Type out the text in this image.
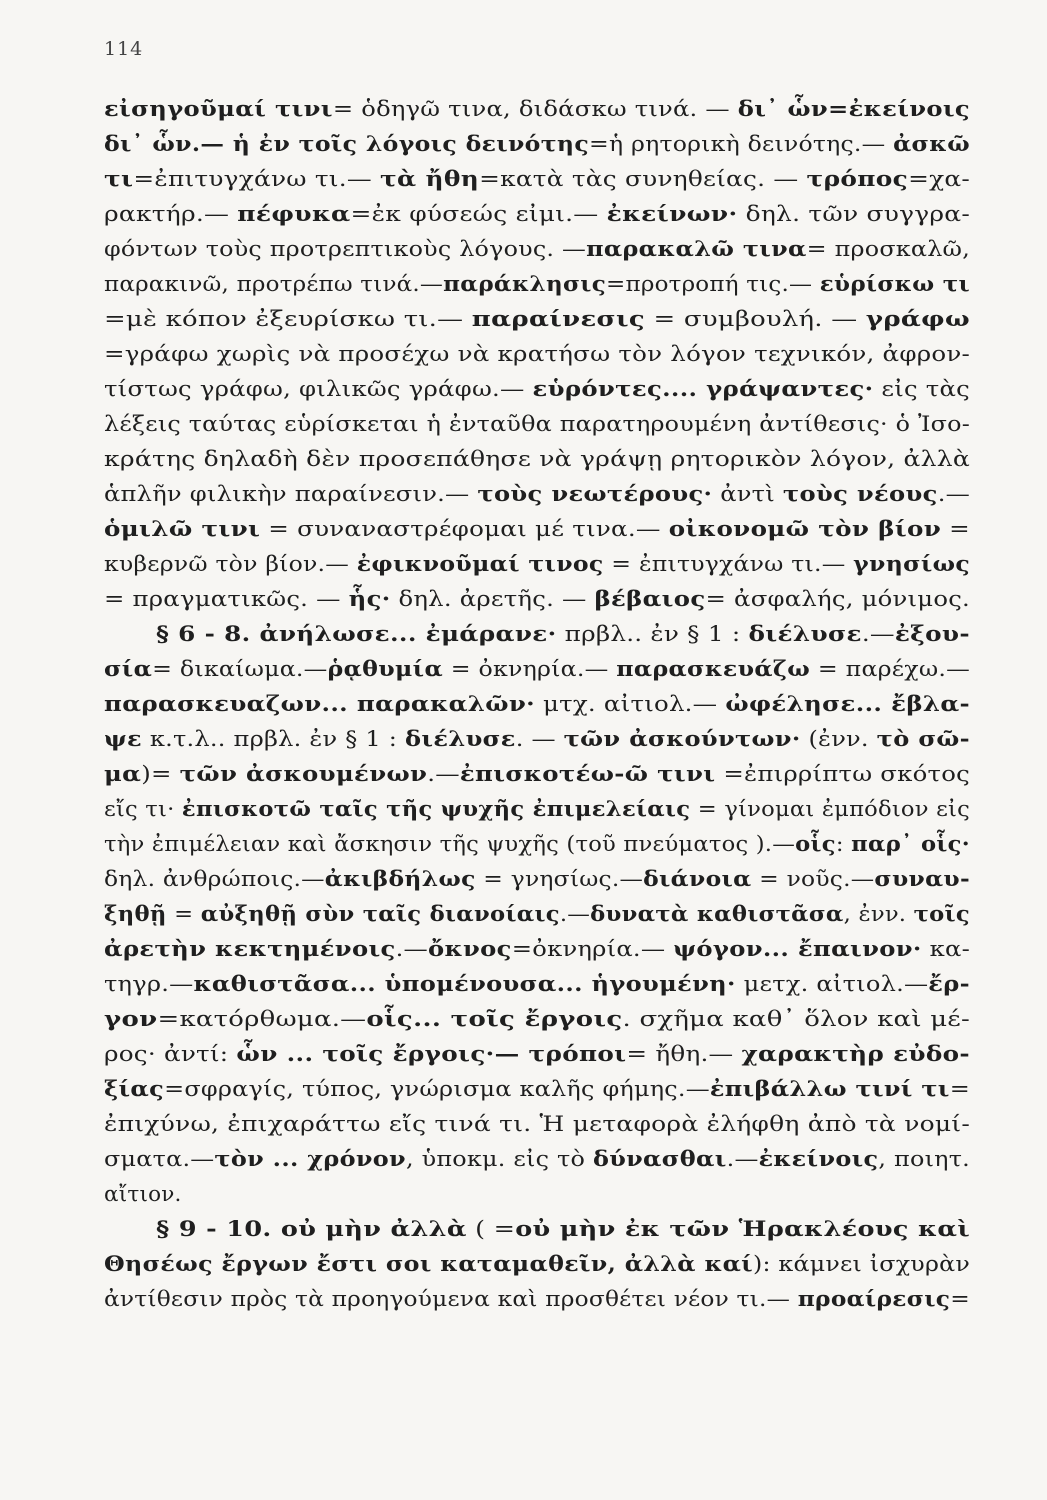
114
εἰσηγοῦμαί τινι= ὁδηγῶ τινα, διδάσκω τινά. — δι᾿ ὧν=ἐκείνοις
δι᾿ ὧν.— ἡ ἐν τοῖς λόγοις δεινότης=ἡ ρητορικὴ δεινότης.— ἀσκῶ
τι=ἐπιτυγχάνω τι.— τὰ ἤθη=κατὰ τὰς συνηθείας. — τρόπος=χα-
ρακτήρ.— πέφυκα=ἐκ φύσεώς εἰμι.— ἐκείνων· δηλ. τῶν συγγρα-
φόντων τοὺς προτρεπτικοὺς λόγους. —παρακαλῶ τινα= προσκαλῶ,
παρακινῶ, προτρέπω τινά.—παράκλησις=προτροπή τις.— εὑρίσκω τι
=μὲ κόπον ἐξευρίσκω τι.— παραίνεσις = συμβουλή. — γράφω
=γράφω χωρὶς νὰ προσέχω νὰ κρατήσω τὸν λόγον τεχνικόν, ἀφρον-
τίστως γράφω, φιλικῶς γράφω.— εὑρόντες.... γράψαντες· εἰς τὰς
λέξεις ταύτας εὑρίσκεται ἡ ἐνταῦθα παρατηρουμένη ἀντίθεσις· ὁ Ἰσο-
κράτης δηλαδὴ δὲν προσεπάθησε νὰ γράψῃ ρητορικὸν λόγον, ἀλλὰ
ἁπλῆν φιλικὴν παραίνεσιν.— τοὺς νεωτέρους· ἀντὶ τοὺς νέους.—
ὁμιλῶ τινι = συναναστρέφομαι μέ τινα.— οἰκονομῶ τὸν βίον =
κυβερνῶ τὸν βίον.— ἐφικνοῦμαί τινος = ἐπιτυγχάνω τι.— γνησίως
= πραγματικῶς. — ἧς· δηλ. ἀρετῆς. — βέβαιος= ἀσφαλής, μόνιμος.
§ 6 - 8. ἀνήλωσε... ἐμάρανε· πρβλ.. ἐν § 1 : διέλυσε.—ἐξου-
σία= δικαίωμα.—ῥᾳθυμία = ὀκνηρία.— παρασκευάζω = παρέχω.—
παρασκευαζων... παρακαλῶν· μτχ. αἰτιολ.— ὠφέλησε... ἔβλα-
ψε κ.τ.λ.. πρβλ. ἐν § 1 : διέλυσε. — τῶν ἀσκούντων· (ἐνν. τὸ σῶ-
μα)= τῶν ἀσκουμένων.—ἐπισκοτέω-ῶ τινι =ἐπιρρίπτω σκότος
εἴς τι· ἐπισκοτῶ ταῖς τῆς ψυχῆς ἐπιμελείαις = γίνομαι ἐμπόδιον εἰς
τὴν ἐπιμέλειαν καὶ ἄσκησιν τῆς ψυχῆς (τοῦ πνεύματος ).—οἷς: παρ᾿ οἷς·
δηλ. ἀνθρώποις.—ἀκιβδήλως = γνησίως.—διάνοια = νοῦς.—συναυ-
ξηθῇ = αὐξηθῇ σὺν ταῖς διανοίαις.—δυνατὰ καθιστᾶσα, ἐνν. τοῖς
ἀρετὴν κεκτημένοις.—ὄκνος=ὀκνηρία.— ψόγον... ἔπαινον· κα-
τηγρ.—καθιστᾶσα... ὑπομένουσα... ἡγουμένη· μετχ. αἰτιολ.—ἔρ-
γον=κατόρθωμα.—οἷς... τοῖς ἔργοις. σχῆμα καθ᾿ ὅλον καὶ μέ-
ρος· ἀντί: ὧν ... τοῖς ἔργοις·— τρόποι= ἤθη.— χαρακτὴρ εὐδο-
ξίας=σφραγίς, τύπος, γνώρισμα καλῆς φήμης.—ἐπιβάλλω τινί τι=
ἐπιχύνω, ἐπιχαράττω εἴς τινά τι. Ἡ μεταφορὰ ἐλήφθη ἀπὸ τὰ νομί-
σματα.—τὸν ... χρόνον, ὑποκμ. εἰς τὸ δύνασθαι.—ἐκείνοις, ποιητ.
αἴτιον.
§ 9 - 10. οὐ μὴν ἀλλὰ ( =οὐ μὴν ἐκ τῶν Ἡρακλέους καὶ
Θησέως ἔργων ἔστι σοι καταμαθεῖν, ἀλλὰ καί): κάμνει ἰσχυρὰν
ἀντίθεσιν πρὸς τὰ προηγούμενα καὶ προσθέτει νέον τι.— προαίρεσις=
